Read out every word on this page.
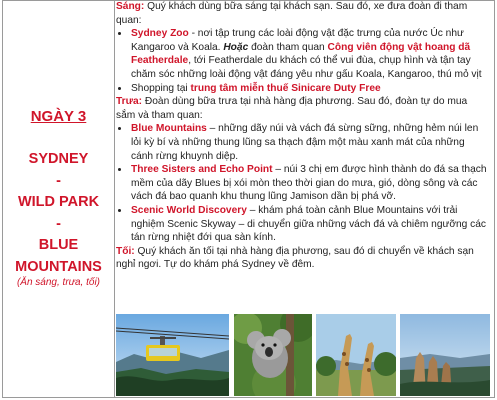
NGÀY 3
SYDNEY
-
WILD PARK
-
BLUE
MOUNTAINS
(Ăn sáng, trưa, tối)

Sáng: Quý khách dùng bữa sáng tại khách sạn. Sau đó, xe đưa đoàn đi tham quan:

• Sydney Zoo - nơi tập trung các loài động vật đặc trưng của nước Úc như Kangaroo và Koala. Hoặc đoàn tham quan Công viên động vật hoang dã Featherdale, tới Featherdale du khách có thể vui đùa, chụp hình và tận tay chăm sóc những loài động vật đáng yêu như gấu Koala, Kangaroo, thú mỏ vịt
• Shopping tại trung tâm miễn thuế Sinicare Duty Free

Trưa: Đoàn dùng bữa trưa tại nhà hàng địa phương. Sau đó, đoàn tự do mua sắm và tham quan:

• Blue Mountains – những dãy núi và vách đá sừng sững, những hẻm núi len lỏi kỳ bí và những thung lũng sa thạch đậm một màu xanh mát của những cánh rừng khuynh diệp.
• Three Sisters and Echo Point – núi 3 chị em được hình thành do đá sa thạch mềm của dãy Blues bị xói mòn theo thời gian do mưa, gió, dòng sông và các vách đá bao quanh khu thung lũng Jamison dần bị phá vỡ.
• Scenic World Discovery – khám phá toàn cảnh Blue Mountains với trải nghiệm Scenic Skyway – di chuyển giữa những vách đá và chiêm ngưỡng các tán rừng nhiệt đới qua sàn kính.

Tối: Quý khách ăn tối tại nhà hàng địa phương, sau đó di chuyển về khách sạn nghỉ ngơi. Tự do khám phá Sydney về đêm.
